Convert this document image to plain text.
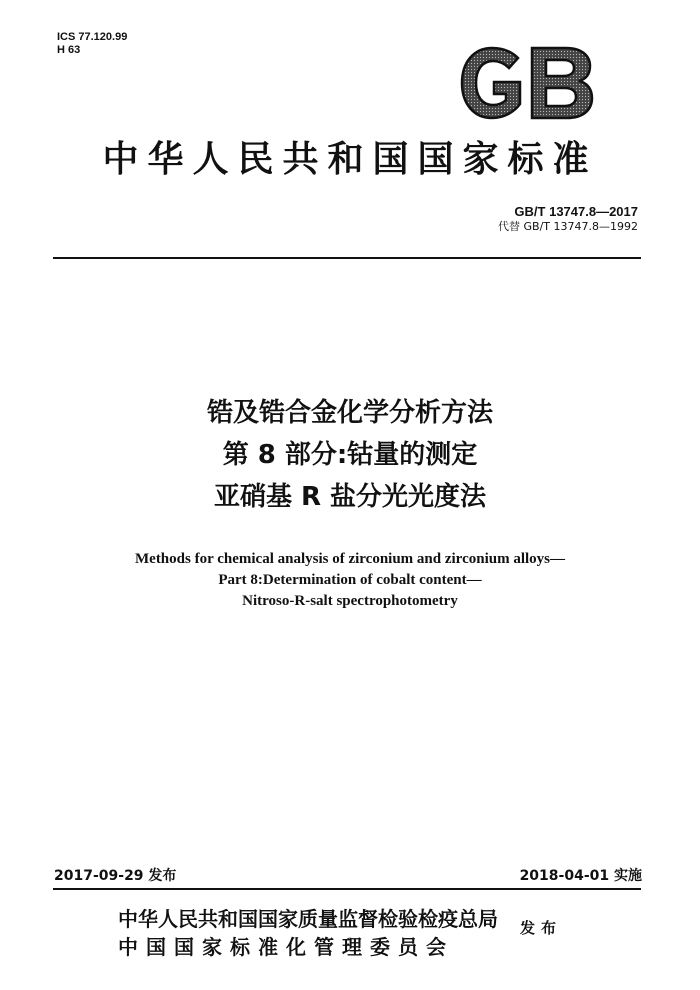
ICS 77.120.99
H 63
中华人民共和国国家标准
GB/T 13747.8—2017
代替 GB/T 13747.8—1992
锆及锆合金化学分析方法
第 8 部分:钴量的测定
亚硝基 R 盐分光光度法
Methods for chemical analysis of zirconium and zirconium alloys—
Part 8:Determination of cobalt content—
Nitroso-R-salt spectrophotometry
2017-09-29 发布	2018-04-01 实施
中华人民共和国国家质量监督检验检疫总局
中国国家标准化管理委员会
发布
